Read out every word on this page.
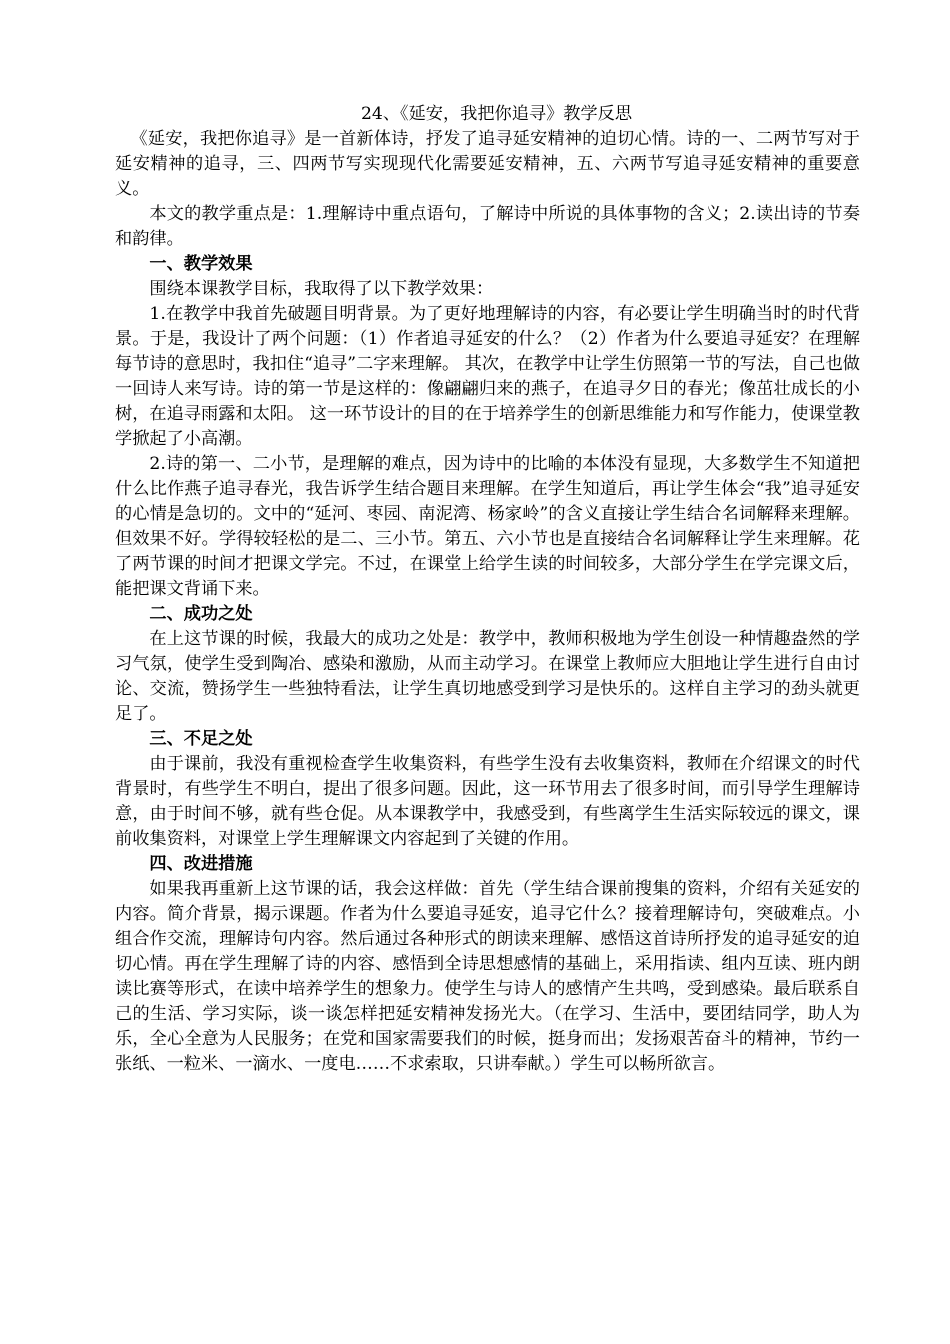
24、《延安，我把你追寻》教学反思

《延安，我把你追寻》是一首新体诗，抒发了追寻延安精神的迫切心情。诗的一、二两节写对于延安精神的追寻，三、四两节写实现现代化需要延安精神，五、六两节写追寻延安精神的重要意义。

本文的教学重点是：1.理解诗中重点语句，了解诗中所说的具体事物的含义；2.读出诗的节奏和韵律。

一、教学效果

围绕本课教学目标，我取得了以下教学效果：

1.在教学中我首先破题目明背景。为了更好地理解诗的内容，有必要让学生明确当时的时代背景。于是，我设计了两个问题：（1）作者追寻延安的什么？（2）作者为什么要追寻延安？在理解每节诗的意思时，我扣住“追寻”二字来理解。 其次，在教学中让学生仿照第一节的写法，自己也做一回诗人来写诗。诗的第一节是这样的：像翩翩归来的燕子，在追寻夕日的春光；像茁壮成长的小树，在追寻雨露和太阳。 这一环节设计的目的在于培养学生的创新思维能力和写作能力，使课堂教学掀起了小高潮。

2.诗的第一、二小节，是理解的难点，因为诗中的比喻的本体没有显现，大多数学生不知道把什么比作燕子追寻春光，我告诉学生结合题目来理解。在学生知道后，再让学生体会“我”追寻延安的心情是急切的。文中的“延河、枣园、南泥湾、杨家岭”的含义直接让学生结合名词解释来理解。但效果不好。学得较轻松的是二、三小节。第五、六小节也是直接结合名词解释让学生来理解。花了两节课的时间才把课文学完。不过，在课堂上给学生读的时间较多，大部分学生在学完课文后，能把课文背诵下来。

二、成功之处

在上这节课的时候，我最大的成功之处是：教学中，教师积极地为学生创设一种情趣盎然的学习气氛，使学生受到陶冶、感染和激励，从而主动学习。在课堂上教师应大胆地让学生进行自由讨论、交流，赞扬学生一些独特看法，让学生真切地感受到学习是快乐的。这样自主学习的劲头就更足了。

三、不足之处

由于课前，我没有重视检查学生收集资料，有些学生没有去收集资料，教师在介绍课文的时代背景时，有些学生不明白，提出了很多问题。因此，这一环节用去了很多时间，而引导学生理解诗意，由于时间不够，就有些仓促。从本课教学中，我感受到，有些离学生生活实际较远的课文，课前收集资料，对课堂上学生理解课文内容起到了关键的作用。

四、改进措施

如果我再重新上这节课的话，我会这样做：首先（学生结合课前搜集的资料，介绍有关延安的内容。简介背景，揭示课题。作者为什么要追寻延安，追寻它什么？接着理解诗句，突破难点。小组合作交流，理解诗句内容。然后通过各种形式的朗读来理解、感悟这首诗所抒发的追寻延安的迫切心情。再在学生理解了诗的内容、感悟到全诗思想感情的基础上，采用指读、组内互读、班内朗读比赛等形式，在读中培养学生的想象力。使学生与诗人的感情产生共鸣，受到感染。最后联系自己的生活、学习实际，谈一谈怎样把延安精神发扬光大。（在学习、生活中，要团结同学，助人为乐，全心全意为人民服务；在党和国家需要我们的时候，挺身而出；发扬艰苦奋斗的精神，节约一张纸、一粒米、一滴水、一度电……不求索取，只讲奉献。）学生可以畅所欲言。
